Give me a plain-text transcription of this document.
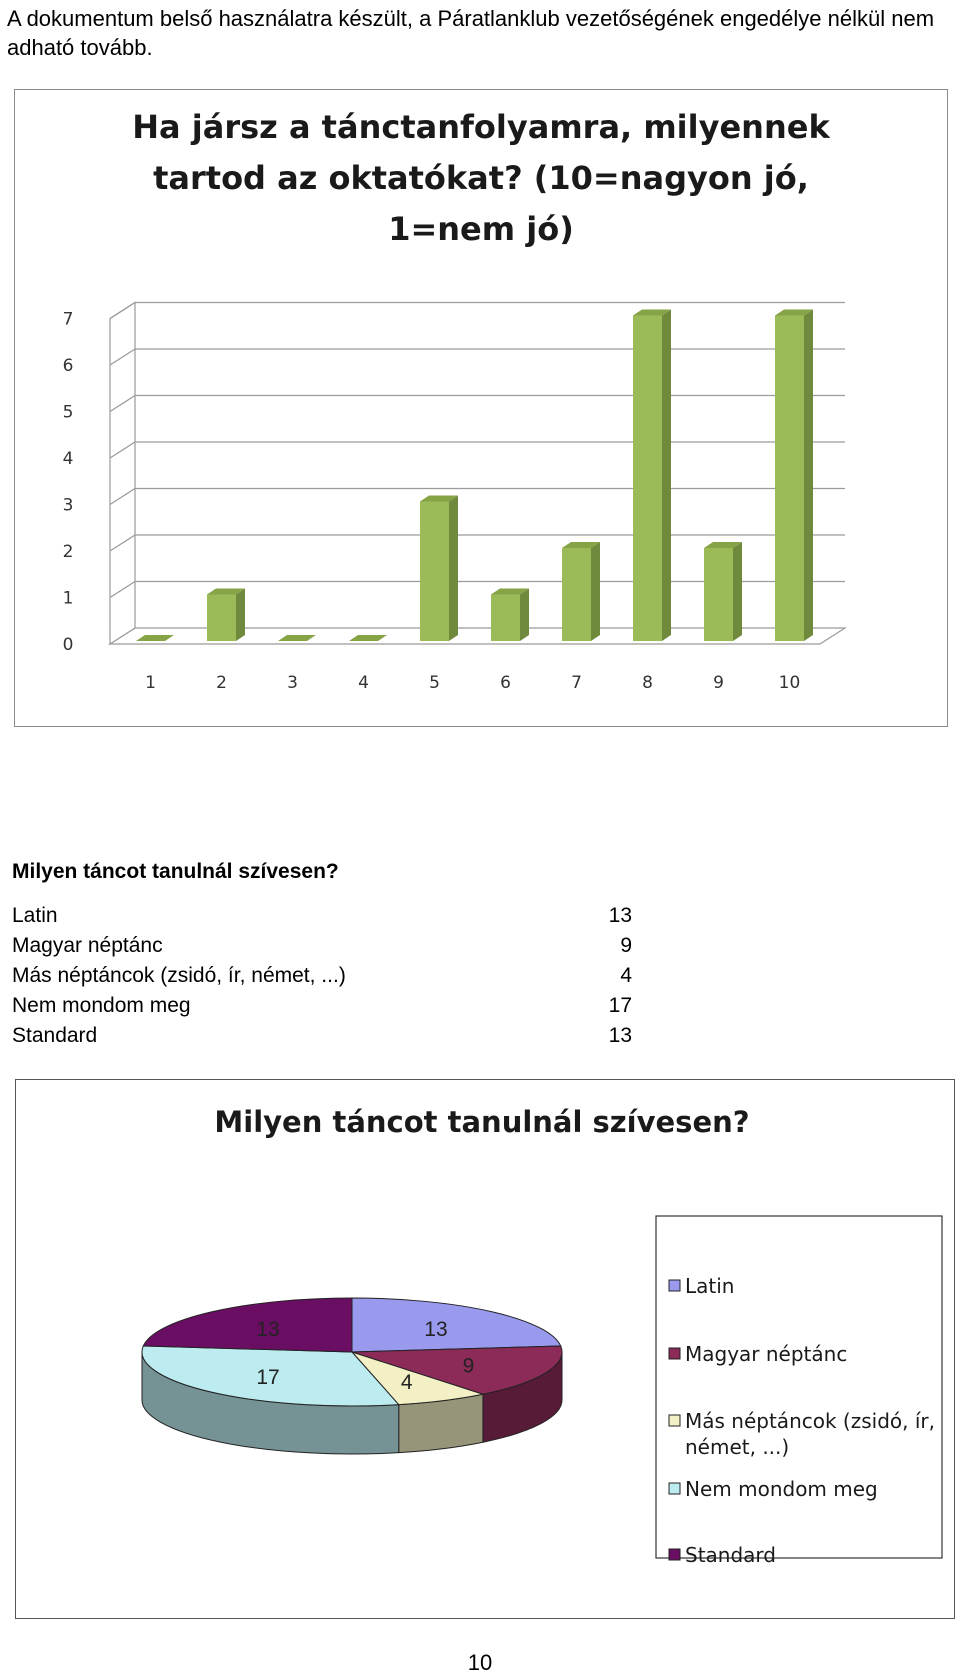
A dokumentum belső használatra készült, a Páratlanklub vezetőségének engedélye nélkül nem adható tovább.
Ha jársz a tánctanfolyamra, milyennek
tartod az oktatókat? (10=nagyon jó,
1=nem jó)
0
1
2
3
4
5
6
7
1	2	3	4	5	6	7	8	9	10
Milyen táncot tanulnál szívesen?
Latin	13
Magyar néptánc	9
Más néptáncok (zsidó, ír, német, ...)	4
Nem mondom meg	17
Standard	13
Milyen táncot tanulnál szívesen?
13
9
4
17
13
Latin
Magyar néptánc
Más néptáncok (zsidó, ír,
német, ...)
Nem mondom meg
Standard
10
